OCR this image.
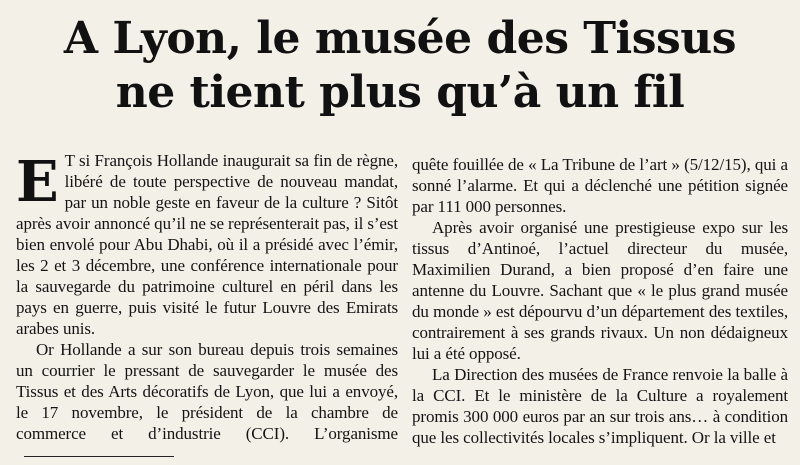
A Lyon, le musée des Tissus
ne tient plus qu’à un fil

E T si François Hollande inaugurait sa fin de règne, libéré de toute perspective de nouveau mandat, par un noble geste en faveur de la culture ? Sitôt après avoir annoncé qu’il ne se représenterait pas, il s’est bien envolé pour Abu Dhabi, où il a présidé avec l’émir, les 2 et 3 décembre, une conférence internationale pour la sauvegarde du patrimoine culturel en péril dans les pays en guerre, puis visité le futur Louvre des Emirats arabes unis.

Or Hollande a sur son bureau depuis trois semaines un courrier le pressant de sauvegarder le musée des Tissus et des Arts décoratifs de Lyon, que lui a envoyé, le 17 novembre, le président de la chambre de commerce et d’industrie (CCI). L’organisme

quête fouillée de « La Tribune de l’art » (5/12/15), qui a sonné l’alarme. Et qui a déclenché une pétition signée par 111 000 personnes.

Après avoir organisé une prestigieuse expo sur les tissus d’Antinoé, l’actuel directeur du musée, Maximilien Durand, a bien proposé d’en faire une antenne du Louvre. Sachant que « le plus grand musée du monde » est dépourvu d’un département des textiles, contrairement à ses grands rivaux. Un non dédaigneux lui a été opposé.

La Direction des musées de France renvoie la balle à la CCI. Et le ministère de la Culture a royalement promis 300 000 euros par an sur trois ans… à condition que les collectivités locales s’impliquent. Or la ville et
